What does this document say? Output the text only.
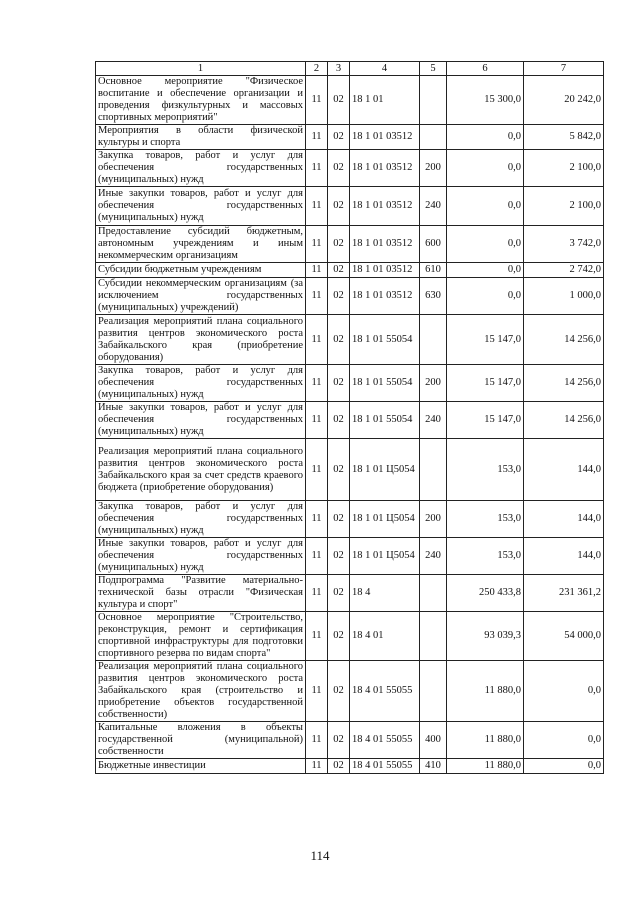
1	2	3	4	5	6	7
Основное мероприятие "Физическое воспитание и обеспечение организации и проведения физкультурных и массовых спортивных мероприятий"	11	02	18 1 01		15 300,0	20 242,0
Мероприятия в области физической культуры и спорта	11	02	18 1 01 03512		0,0	5 842,0
Закупка товаров, работ и услуг для обеспечения государственных (муниципальных) нужд	11	02	18 1 01 03512	200	0,0	2 100,0
Иные закупки товаров, работ и услуг для обеспечения государственных (муниципальных) нужд	11	02	18 1 01 03512	240	0,0	2 100,0
Предоставление субсидий бюджетным, автономным учреждениям и иным некоммерческим организациям	11	02	18 1 01 03512	600	0,0	3 742,0
Субсидии бюджетным учреждениям	11	02	18 1 01 03512	610	0,0	2 742,0
Субсидии некоммерческим организациям (за исключением государственных (муниципальных) учреждений)	11	02	18 1 01 03512	630	0,0	1 000,0
Реализация мероприятий плана социального развития центров экономического роста Забайкальского края (приобретение оборудования)	11	02	18 1 01 55054		15 147,0	14 256,0
Закупка товаров, работ и услуг для обеспечения государственных (муниципальных) нужд	11	02	18 1 01 55054	200	15 147,0	14 256,0
Иные закупки товаров, работ и услуг для обеспечения государственных (муниципальных) нужд	11	02	18 1 01 55054	240	15 147,0	14 256,0
Реализация мероприятий плана социального развития центров экономического роста Забайкальского края за счет средств краевого бюджета (приобретение оборудования)	11	02	18 1 01 Ц5054		153,0	144,0
Закупка товаров, работ и услуг для обеспечения государственных (муниципальных) нужд	11	02	18 1 01 Ц5054	200	153,0	144,0
Иные закупки товаров, работ и услуг для обеспечения государственных (муниципальных) нужд	11	02	18 1 01 Ц5054	240	153,0	144,0
Подпрограмма "Развитие материально-технической базы отрасли "Физическая культура и спорт"	11	02	18 4		250 433,8	231 361,2
Основное мероприятие "Строительство, реконструкция, ремонт и сертификация спортивной инфраструктуры для подготовки спортивного резерва по видам спорта"	11	02	18 4 01		93 039,3	54 000,0
Реализация мероприятий плана социального развития центров экономического роста Забайкальского края (строительство и приобретение объектов государственной собственности)	11	02	18 4 01 55055		11 880,0	0,0
Капитальные вложения в объекты государственной (муниципальной) собственности	11	02	18 4 01 55055	400	11 880,0	0,0
Бюджетные инвестиции	11	02	18 4 01 55055	410	11 880,0	0,0
114
